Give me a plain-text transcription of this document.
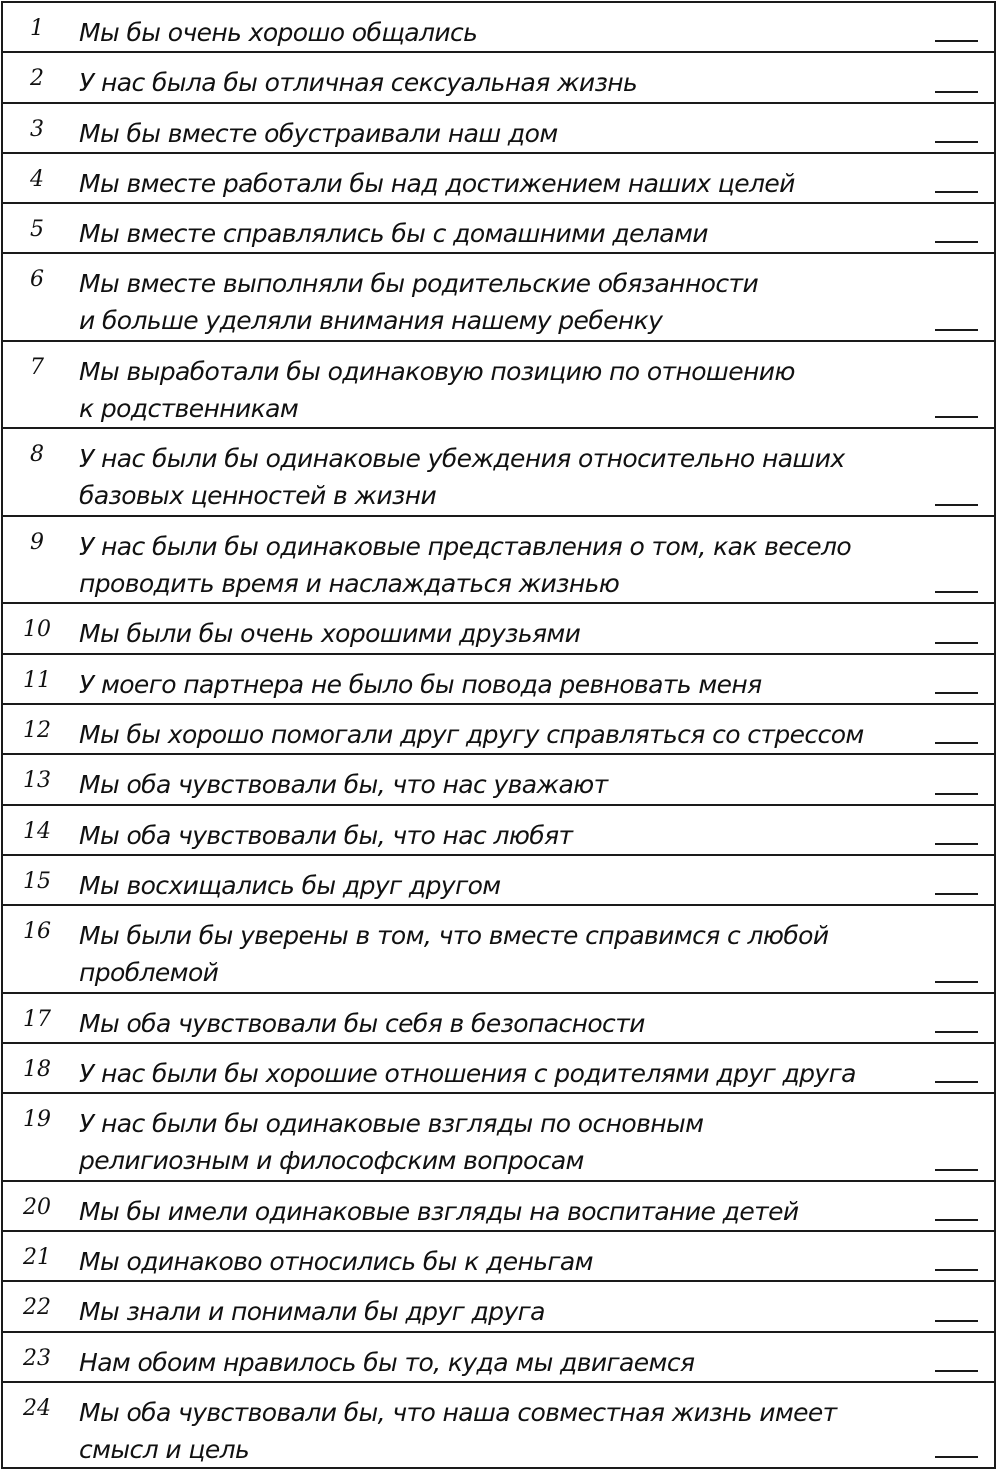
1	Мы бы очень хорошо общались
2	У нас была бы отличная сексуальная жизнь
3	Мы бы вместе обустраивали наш дом
4	Мы вместе работали бы над достижением наших целей
5	Мы вместе справлялись бы с домашними делами
6	Мы вместе выполняли бы родительские обязанности
и больше уделяли внимания нашему ребенку
7	Мы выработали бы одинаковую позицию по отношению
к родственникам
8	У нас были бы одинаковые убеждения относительно наших
базовых ценностей в жизни
9	У нас были бы одинаковые представления о том, как весело
проводить время и наслаждаться жизнью
10	Мы были бы очень хорошими друзьями
11	У моего партнера не было бы повода ревновать меня
12	Мы бы хорошо помогали друг другу справляться со стрессом
13	Мы оба чувствовали бы, что нас уважают
14	Мы оба чувствовали бы, что нас любят
15	Мы восхищались бы друг другом
16	Мы были бы уверены в том, что вместе справимся с любой
проблемой
17	Мы оба чувствовали бы себя в безопасности
18	У нас были бы хорошие отношения с родителями друг друга
19	У нас были бы одинаковые взгляды по основным
религиозным и философским вопросам
20	Мы бы имели одинаковые взгляды на воспитание детей
21	Мы одинаково относились бы к деньгам
22	Мы знали и понимали бы друг друга
23	Нам обоим нравилось бы то, куда мы двигаемся
24	Мы оба чувствовали бы, что наша совместная жизнь имеет
смысл и цель
